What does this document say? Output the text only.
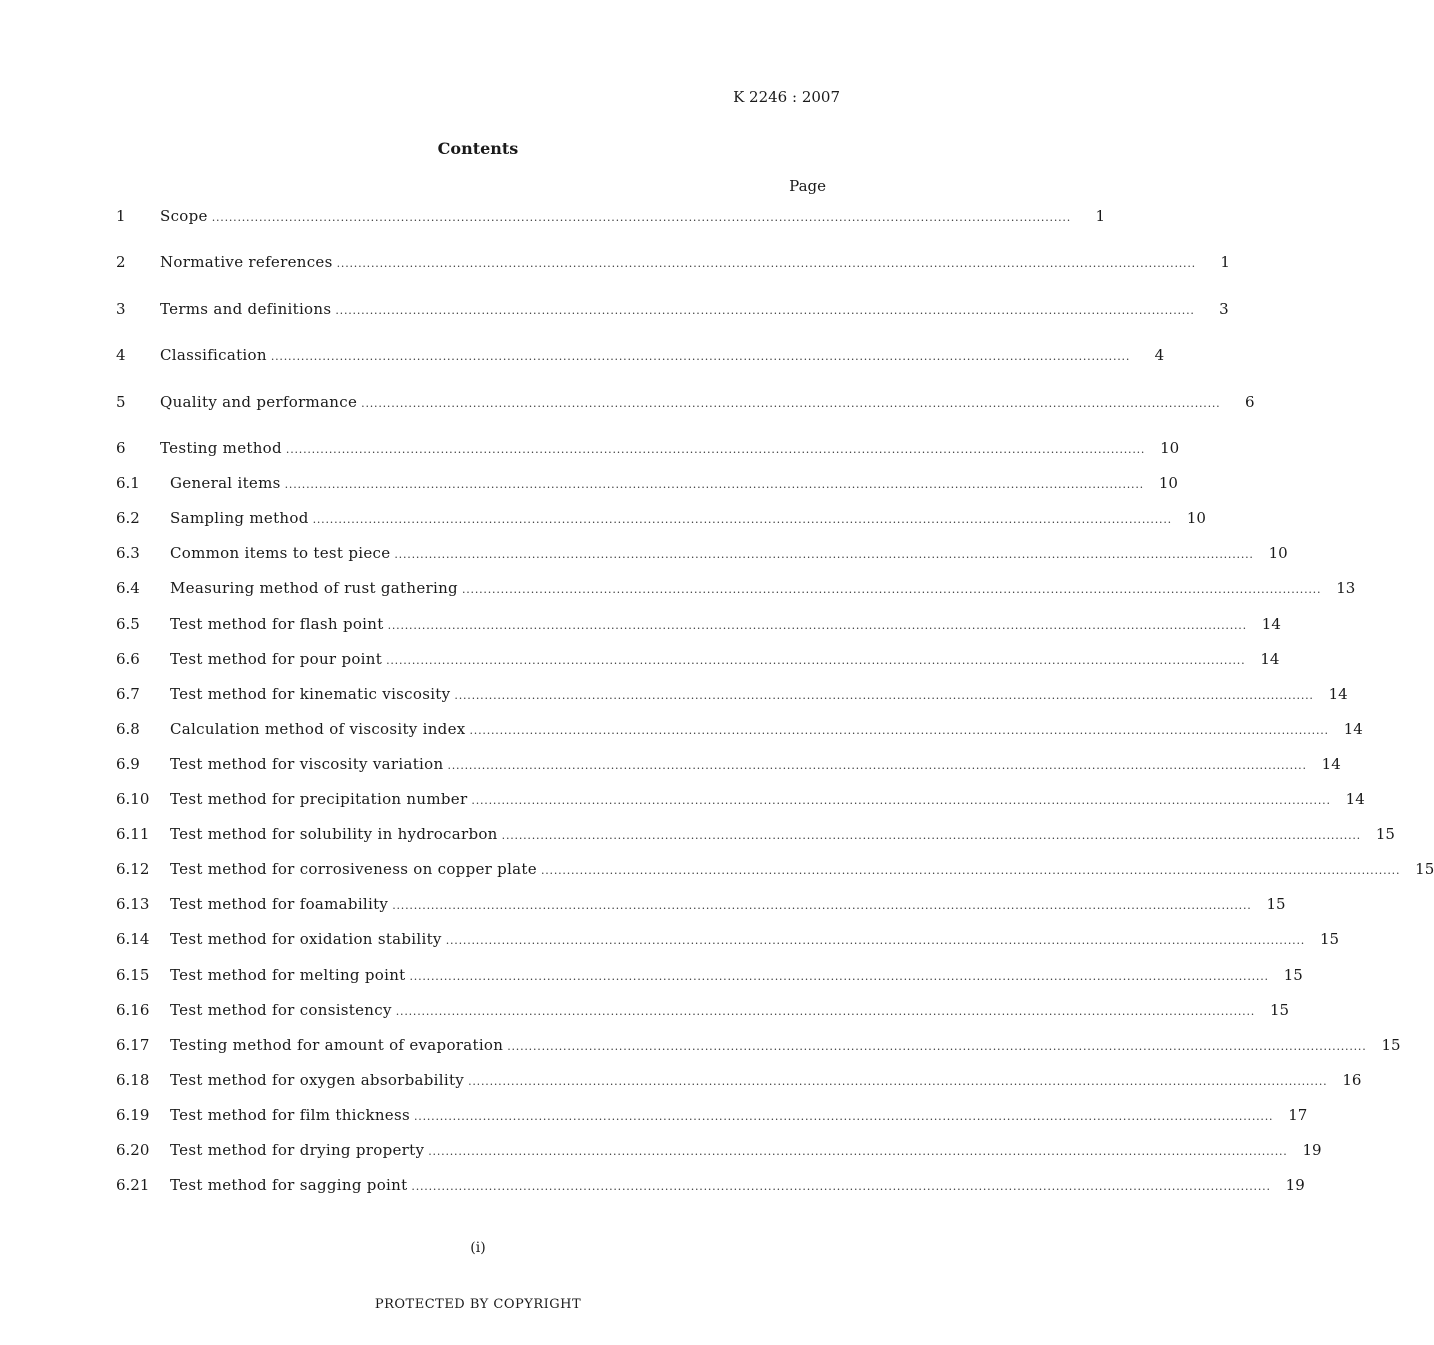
K 2246 : 2007
Contents
Page
1	Scope ........................................................................................................................................................................................................	1
2	Normative references ........................................................................................................................................................................................................	1
3	Terms and definitions ........................................................................................................................................................................................................	3
4	Classification ........................................................................................................................................................................................................	4
5	Quality and performance ........................................................................................................................................................................................................	6
6	Testing method ........................................................................................................................................................................................................ 10
6.1	General items ........................................................................................................................................................................................................ 10
6.2	Sampling method ........................................................................................................................................................................................................ 10
6.3	Common items to test piece ........................................................................................................................................................................................................ 10
6.4	Measuring method of rust gathering ........................................................................................................................................................................................................ 13
6.5	Test method for flash point ........................................................................................................................................................................................................ 14
6.6	Test method for pour point ........................................................................................................................................................................................................ 14
6.7	Test method for kinematic viscosity ........................................................................................................................................................................................................ 14
6.8	Calculation method of viscosity index ........................................................................................................................................................................................................ 14
6.9	Test method for viscosity variation ........................................................................................................................................................................................................ 14
6.10	Test method for precipitation number ........................................................................................................................................................................................................ 14
6.11	Test method for solubility in hydrocarbon ........................................................................................................................................................................................................ 15
6.12	Test method for corrosiveness on copper plate ........................................................................................................................................................................................................ 15
6.13	Test method for foamability ........................................................................................................................................................................................................ 15
6.14	Test method for oxidation stability ........................................................................................................................................................................................................ 15
6.15	Test method for melting point ........................................................................................................................................................................................................ 15
6.16	Test method for consistency ........................................................................................................................................................................................................ 15
6.17	Testing method for amount of evaporation ........................................................................................................................................................................................................ 15
6.18	Test method for oxygen absorbability ........................................................................................................................................................................................................ 16
6.19	Test method for film thickness ........................................................................................................................................................................................................ 17
6.20	Test method for drying property ........................................................................................................................................................................................................ 19
6.21	Test method for sagging point ........................................................................................................................................................................................................ 19
(i)
PROTECTED BY COPYRIGHT
